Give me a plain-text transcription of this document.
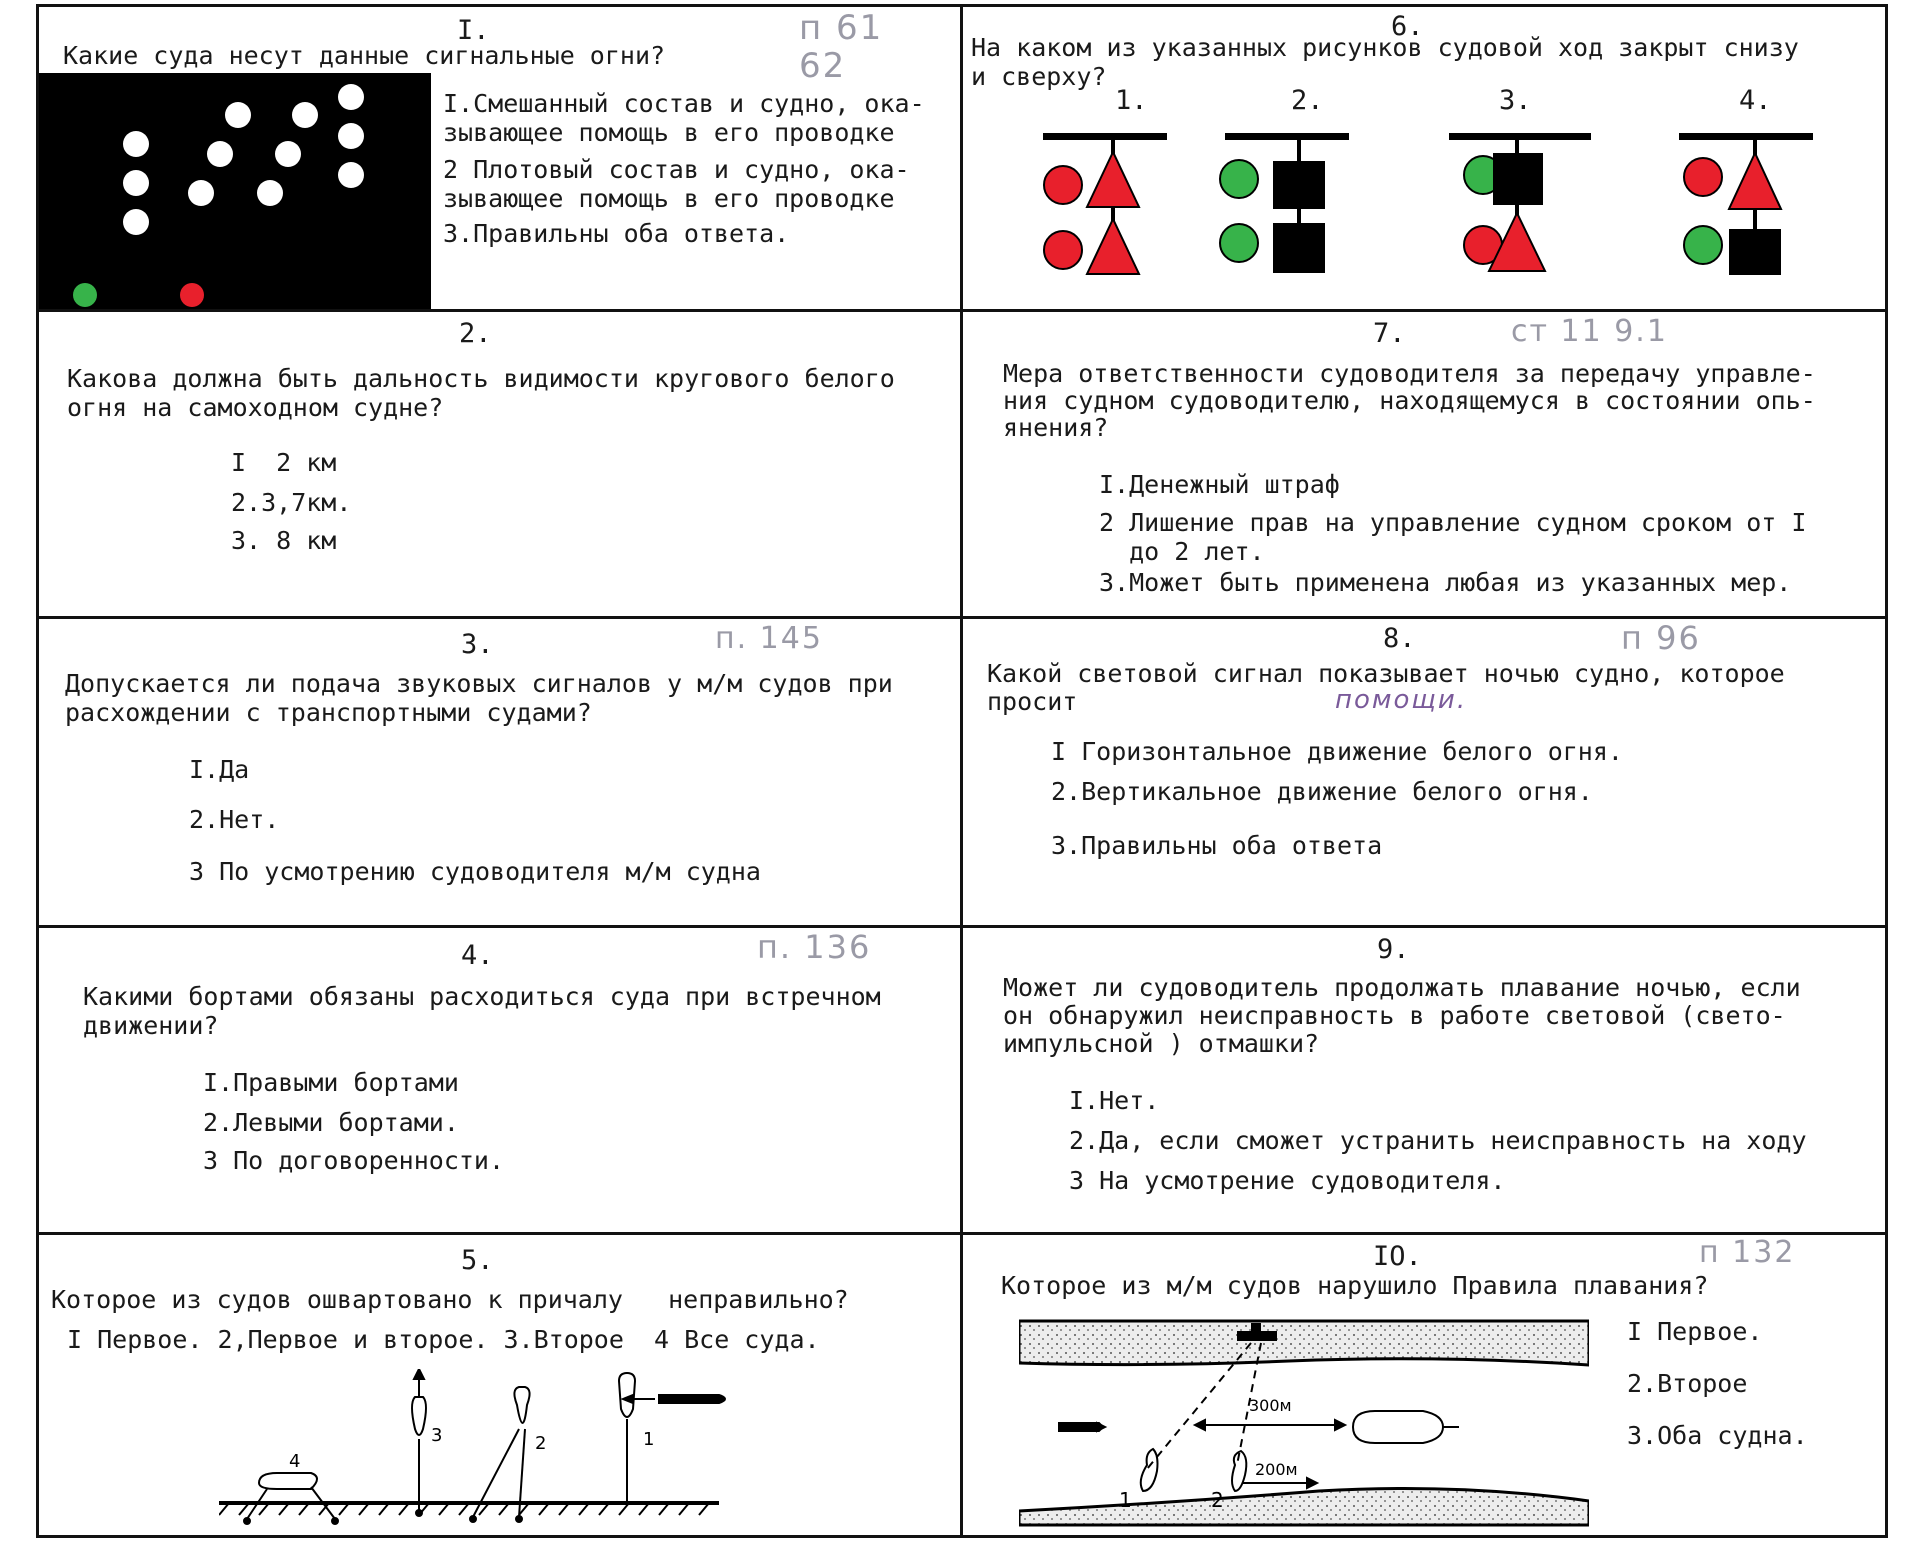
I.	п 61
62
Какие суда несут данные сигнальные огни?
I.Смешанный состав и судно, ока-
зывающее помощь в его проводке
2 Плотовый состав и судно, ока-
зывающее помощь в его проводке
3.Правильны оба ответа.
6.
На каком из указанных рисунков судовой ход закрыт снизу
и сверху?
1.	2.	3.	4.
2.
Какова должна быть дальность видимости кругового белого
огня на самоходном судне?
I  2 км
2.3,7км.
3. 8 км
7.	ст 11 9.1
Мера ответственности судоводителя за передачу управле-
ния судном судоводителю, находящемуся в состоянии опь-
янения?
I.Денежный штраф
2 Лишение прав на управление судном сроком от I
до 2 лет.
3.Может быть применена любая из указанных мер.
3.	п. 145
Допускается ли подача звуковых сигналов у м/м судов при
расхождении с транспортными судами?
I.Да
2.Нет.
3 По усмотрению судоводителя м/м судна
8.	п 96
Какой световой сигнал показывает ночью судно, которое
просит	помощи.
I Горизонтальное движение белого огня.
2.Вертикальное движение белого огня.
3.Правильны оба ответа
4.	п. 136
Какими бортами обязаны расходиться суда при встречном
движении?
I.Правыми бортами
2.Левыми бортами.
3 По договоренности.
9.
Может ли судоводитель продолжать плавание ночью, если
он обнаружил неисправность в работе световой (свето-
импульсной ) отмашки?
I.Нет.
2.Да, если сможет устранить неисправность на ходу
3 На усмотрение судоводителя.
5.
Которое из судов ошвартовано к причалу   неправильно?
I Первое. 2,Первое и второе. 3.Второе  4 Все суда.
4
3	2	1
IO.	п 132
Которое из м/м судов нарушило Правила плавания?
300м
200м
1	2
I Первое.
2.Второе
3.Оба судна.
